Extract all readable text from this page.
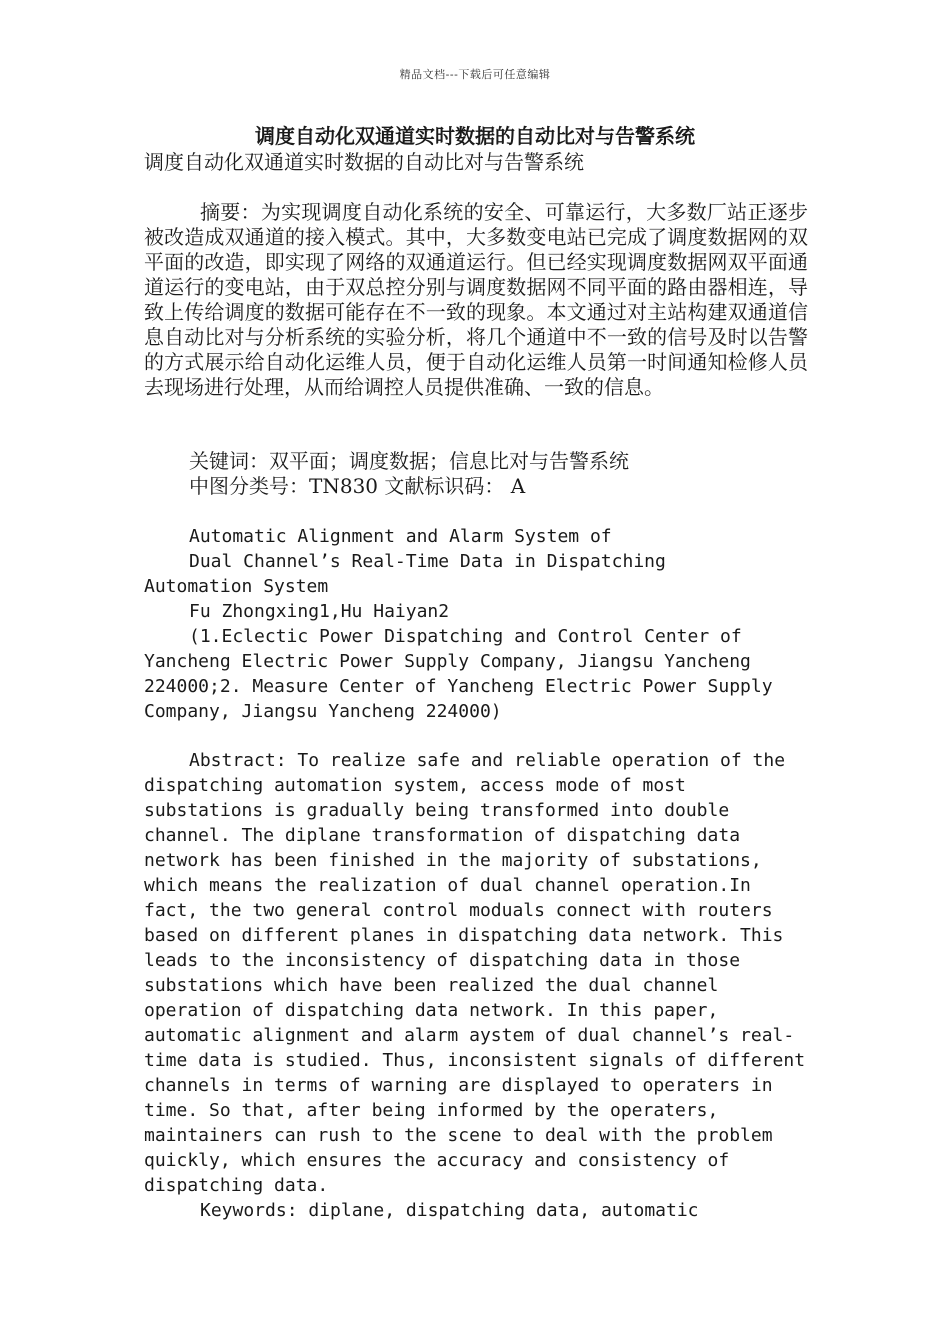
精品文档---下载后可任意编辑
调度自动化双通道实时数据的自动比对与告警系统
调度自动化双通道实时数据的自动比对与告警系统

摘要：为实现调度自动化系统的安全、可靠运行，大多数厂站正逐步被改造成双通道的接入模式。其中，大多数变电站已完成了调度数据网的双平面的改造，即实现了网络的双通道运行。但已经实现调度数据网双平面通道运行的变电站，由于双总控分别与调度数据网不同平面的路由器相连，导致上传给调度的数据可能存在不一致的现象。本文通过对主站构建双通道信息自动比对与分析系统的实验分析，将几个通道中不一致的信号及时以告警的方式展示给自动化运维人员，便于自动化运维人员第一时间通知检修人员去现场进行处理，从而给调控人员提供准确、一致的信息。

关键词：双平面；调度数据；信息比对与告警系统

中图分类号：TN830 文献标识码： A

Automatic Alignment and Alarm System of

Dual Channel’s Real-Time Data in Dispatching

Automation System

Fu Zhongxing1,Hu Haiyan2

(1.Eclectic Power Dispatching and Control Center of Yancheng Electric Power Supply Company, Jiangsu Yancheng 224000;2. Measure Center of Yancheng Electric Power Supply Company, Jiangsu Yancheng 224000)

Abstract: To realize safe and reliable operation of the dispatching automation system, access mode of most substations is gradually being transformed into double channel. The diplane transformation of dispatching data network has been finished in the majority of substations, which means the realization of dual channel operation.In fact, the two general control moduals connect with routers based on different planes in dispatching data network. This leads to the inconsistency of dispatching data in those substations which have been realized the dual channel operation of dispatching data network. In this paper, automatic alignment and alarm aystem of dual channel’s real-time data is studied. Thus, inconsistent signals of different channels in terms of warning are displayed to operaters in time. So that, after being informed by the operaters, maintainers can rush to the scene to deal with the problem quickly, which ensures the accuracy and consistency of dispatching data.

Keywords: diplane, dispatching data, automatic
